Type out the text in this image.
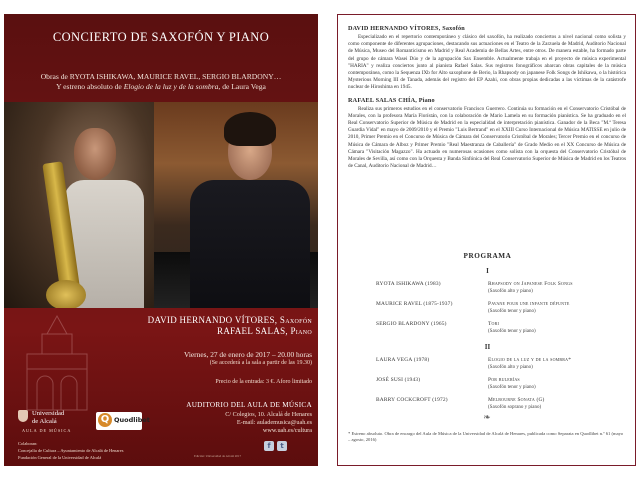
CONCIERTO DE SAXOFÓN Y PIANO
Obras de RYOTA ISHIKAWA, MAURICE RAVEL, SERGIO BLARDONY…
Y estreno absoluto de Elogio de la luz y de la sombra, de Laura Vega
DAVID HERNANDO VÍTORES, Saxofón
RAFAEL SALAS, Piano
Viernes, 27 de enero de 2017 – 20.00 horas
(Se accederá a la sala a partir de las 19.30)
Precio de la entrada: 3 €. Aforo limitado
AUDITORIO DEL AULA DE MÚSICA
C/ Colegios, 10. Alcalá de Henares
E-mail: aulademusica@uah.es
www.uah.es/cultura
f	t
Universidad
de Alcalá
AULA DE MÚSICA
Q Quodlibet
Colaboran:
Concejalía de Cultura – Ayuntamiento de Alcalá de Henares
Fundación General de la Universidad de Alcalá	Edición: Universidad de Alcalá 2017
DAVID HERNANDO VÍTORES, Saxofón

Especializado en el repertorio contemporáneo y clásico del saxofón, ha realizado conciertos a nivel nacional como solista y como componente de diferentes agrupaciones, destacando sus actuaciones en el Teatro de la Zarzuela de Madrid, Auditorio Nacional de Música, Museo del Romanticismo en Madrid y Real Academia de Bellas Artes, entre otros. De manera estable, ha formado parte del grupo de cámara Wasei Dúo y de la agrupación Sax Ensemble. Actualmente trabaja en el proyecto de música experimental "HARIA" y realiza conciertos junto al pianista Rafael Salas. Sus registros fonográficos abarcan obras capitales de la música contemporánea, como la Sequenza IXb for Alto saxophone de Berio, la Rhapsody on japanese Folk Songs de Ishikawa, o la histórica Mysterious Morning III de Tanada, además del registro del EP Azahi, con obras propias dedicadas a las víctimas de la catástrofe nuclear de Hiroshima en 1945.

RAFAEL SALAS CHÍA, Piano

Realiza sus primeros estudios en el conservatorio Francisco Guerrero. Continúa su formación en el Conservatorio Cristóbal de Morales, con la profesora María Florístán, con la colaboración de Mario Lamela en su formación pianística. Se ha graduado en el Real Conservatorio Superior de Música de Madrid en la especialidad de interpretación pianística. Ganador de la Beca "M.ª Teresa Guardia Vidal" en mayo de 2009/2010 y el Premio "Luis Bertrand" en el XXIII Curso Internacional de Música MATISSE en julio de 2010, Primer Premio en el Concurso de Música de Cámara del Conservatorio Cristóbal de Morales; Tercer Premio en el concurso de Música de Cámara de Alboz y Primer Premio "Real Maestranza de Caballería" de Grado Medio en el XX Concurso de Música de Cámara "Visitación Magazzo". Ha actuado en numerosas ocasiones como solista con la orquesta del Conservatorio Cristóbal de Morales de Sevilla, así como con la Orquesta y Banda Sinfónica del Real Conservatorio Superior de Música de Madrid en los Teatros de Canal, Auditorio Nacional de Madrid…

PROGRAMA
I
RYOTA ISHIKAWA (1983)	Rhapsody on Japanese Folk Songs
(Saxofón alto y piano)
MAURICE RAVEL (1875-1937)	Pavane pour une infante défunte
(Saxofón tenor y piano)
SERGIO BLARDONY (1965)	Tori
(Saxofón tenor y piano)
II
LAURA VEGA (1978)	Elogio de la luz y de la sombra*
(Saxofón alto y piano)
JOSÉ SUSI (1943)	Por bulerías
(Saxofón tenor y piano)
BARRY COCKCROFT (1972)	Melbourne Sonata (G)
(Saxofón soprano y piano)
❧
* Estreno absoluto. Obra de encargo del Aula de Música de la Universidad de Alcalá de Henares, publicada como Separata en Quodlibet n.º 61 (mayo – agosto, 2016)
